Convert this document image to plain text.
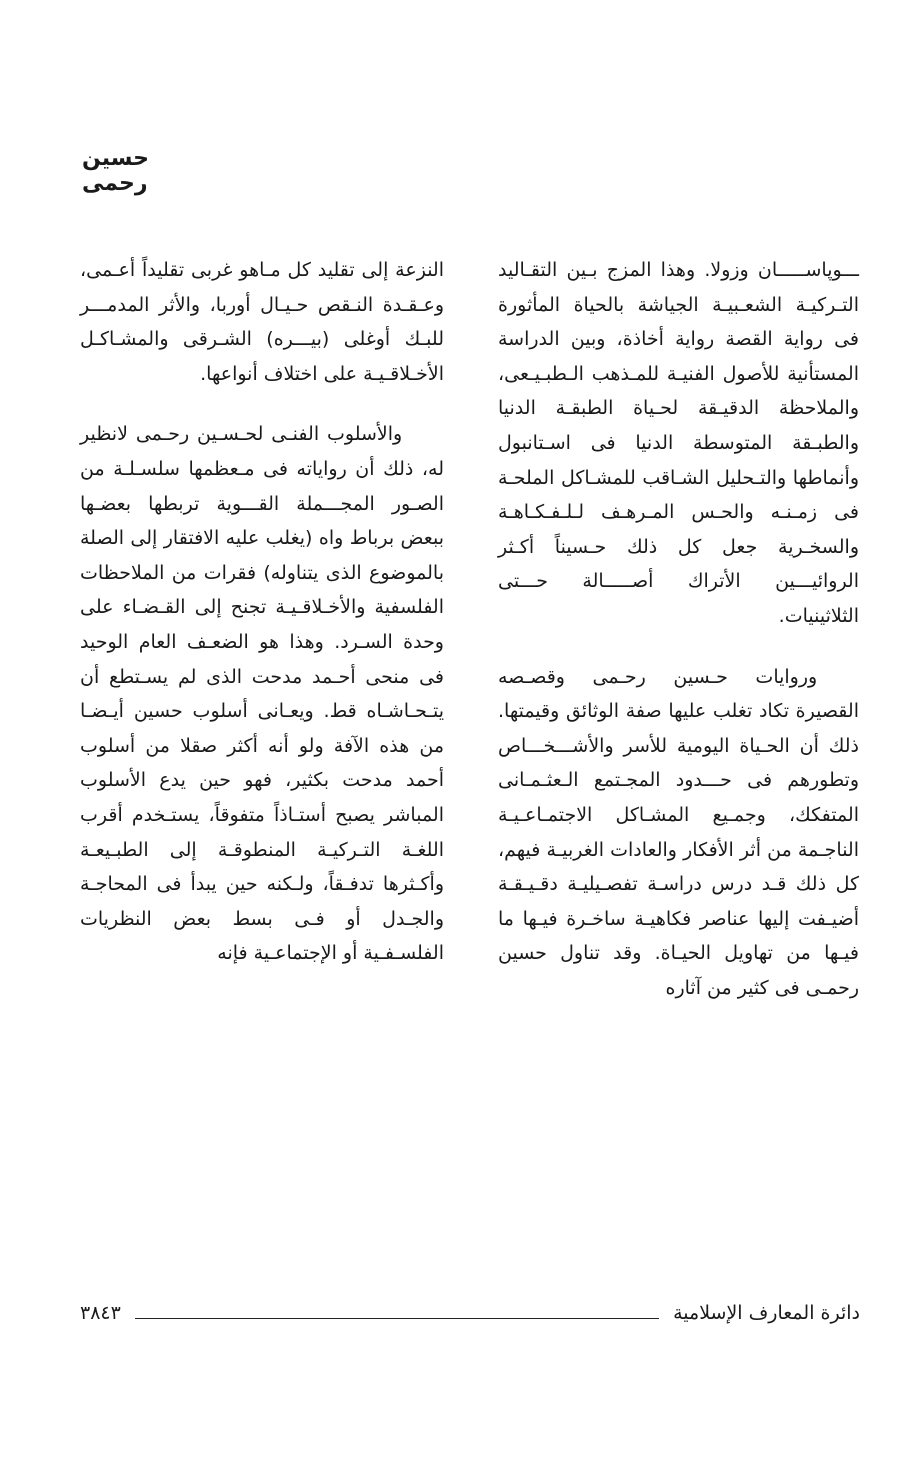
حسين رحمى

ـــوپاســـــان وزولا. وهذا المزج بـين التقـاليد التـركيـة الشعـبيـة الجياشة بالحياة المأثورة فى رواية القصة رواية أخاذة، وبين الدراسة المستأنية للأصول الفنيـة للمـذهب الـطبـيـعى، والملاحظة الدقيـقة لحـياة الطبقـة الدنيا والطبـقة المتوسطة الدنيا فى اسـتانبول وأنماطها والتـحليل الشـاقب للمشـاكل الملحـة فى زمـنـه والحـس المـرهـف لـلـفـكـاهـة والسخـرية جعل كل ذلك حـسيناً أكـثر الروائيـــين الأتراك أصـــــالة حـــتى الثلاثينيات.

وروايات حـسين رحـمى وقصـصه القصيرة تكاد تغلب عليها صفة الوثائق وقيمتها. ذلك أن الحـياة اليومية للأسر والأشـــخـــاص وتطورهم فى حـــدود المجـتمع الـعثـمـانى المتفكك، وجمـيع المشـاكل الاجتمـاعـيـة الناجـمة من أثر الأفكار والعادات الغربيـة فيهم، كل ذلك قـد درس دراسـة تفصـيليـة دقـيـقـة أضيـفت إليها عناصر فكاهيـة ساخـرة فيـها ما فيـها من تهاويل الحيـاة. وقد تناول حسين رحمـى فى كثير من آثاره

النزعة إلى تقليد كل مـاهو غربى تقليداً أعـمى، وعـقـدة النـقص حـيـال أوربا، والأثر المدمـــر للبـك أوغلى (بيـــره) الشـرقى والمشـاكـل الأخـلاقـيـة على اختلاف أنواعها.

والأسلوب الفنـى لحـسـين رحـمى لانظير له، ذلك أن رواياته فى مـعظمها سلسـلـة من الصـور المجـــملة القـــوية تربطها بعضـها ببعض برباط واه (يغلب عليه الافتقار إلى الصلة بالموضوع الذى يتناوله) فقرات من الملاحظات الفلسفية والأخـلاقـيـة تجنح إلى القـضـاء على وحدة السـرد. وهذا هو الضعـف العام الوحيد فى منحى أحـمد مدحت الذى لم يسـتطع أن يتـحـاشـاه قط. ويعـانى أسلوب حسين أيـضـا من هذه الآفة ولو أنه أكثر صقلا من أسلوب أحمد مدحت بكثير، فهو حين يدع الأسلوب المباشر يصبح أستـاذاً متفوقاً، يستـخدم أقرب اللغـة التـركيـة المنطوقـة إلى الطبـيعـة وأكـثرها تدفـقاً، ولـكنه حين يبدأ فى المحاجـة والجـدل أو فـى بسط بعض النظريات الفلسـفـية أو الإجتماعـية فإنه

دائرة المعارف الإسلامية
٣٨٤٣
